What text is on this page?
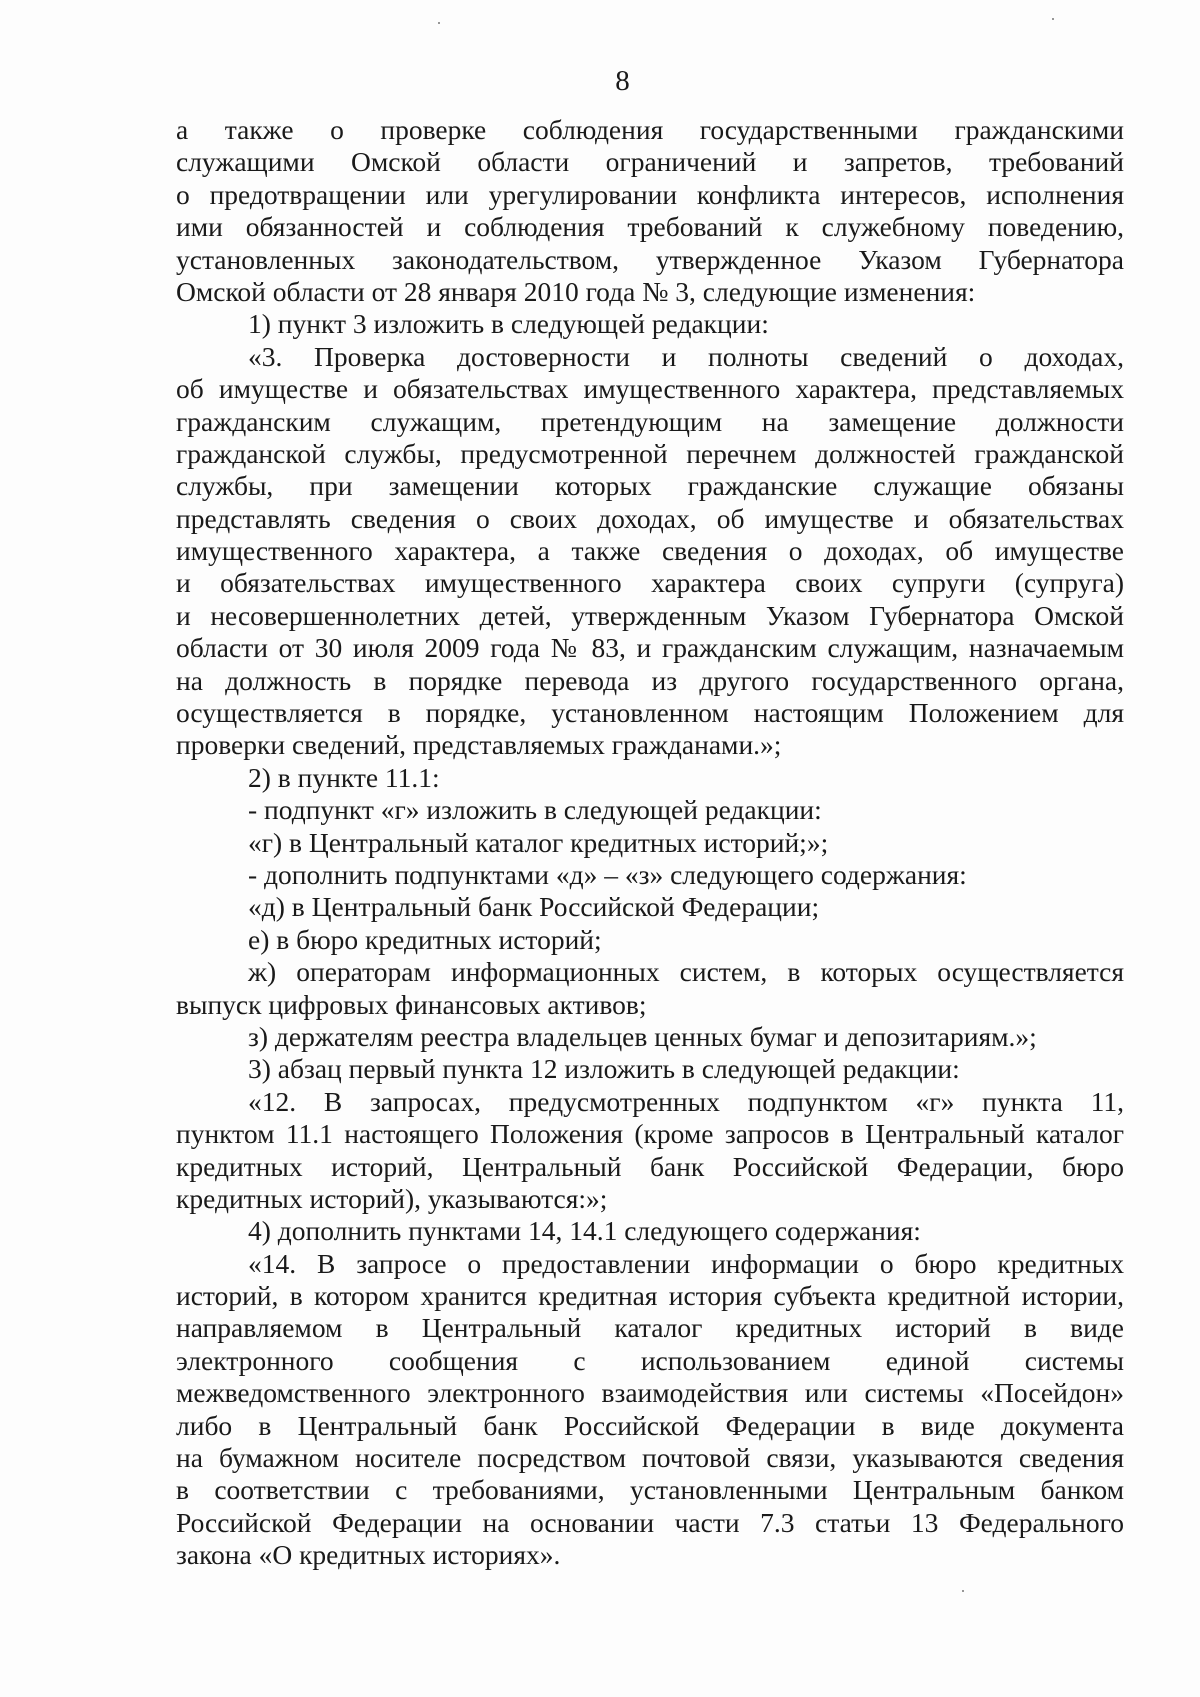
8
а также о проверке соблюдения государственными гражданскими
служащими Омской области ограничений и запретов, требований
о предотвращении или урегулировании конфликта интересов, исполнения
ими обязанностей и соблюдения требований к служебному поведению,
установленных законодательством, утвержденное Указом Губернатора
Омской области от 28 января 2010 года № 3, следующие изменения:
1) пункт 3 изложить в следующей редакции:
«3. Проверка достоверности и полноты сведений о доходах,
об имуществе и обязательствах имущественного характера, представляемых
гражданским служащим, претендующим на замещение должности
гражданской службы, предусмотренной перечнем должностей гражданской
службы, при замещении которых гражданские служащие обязаны
представлять сведения о своих доходах, об имуществе и обязательствах
имущественного характера, а также сведения о доходах, об имуществе
и обязательствах имущественного характера своих супруги (супруга)
и несовершеннолетних детей, утвержденным Указом Губернатора Омской
области от 30 июля 2009 года № 83, и гражданским служащим, назначаемым
на должность в порядке перевода из другого государственного органа,
осуществляется в порядке, установленном настоящим Положением для
проверки сведений, представляемых гражданами.»;
2) в пункте 11.1:
- подпункт «г» изложить в следующей редакции:
«г) в Центральный каталог кредитных историй;»;
- дополнить подпунктами «д» – «з» следующего содержания:
«д) в Центральный банк Российской Федерации;
е) в бюро кредитных историй;
ж) операторам информационных систем, в которых осуществляется
выпуск цифровых финансовых активов;
з) держателям реестра владельцев ценных бумаг и депозитариям.»;
3) абзац первый пункта 12 изложить в следующей редакции:
«12. В запросах, предусмотренных подпунктом «г» пункта 11,
пунктом 11.1 настоящего Положения (кроме запросов в Центральный каталог
кредитных историй, Центральный банк Российской Федерации, бюро
кредитных историй), указываются:»;
4) дополнить пунктами 14, 14.1 следующего содержания:
«14. В запросе о предоставлении информации о бюро кредитных
историй, в котором хранится кредитная история субъекта кредитной истории,
направляемом в Центральный каталог кредитных историй в виде
электронного сообщения с использованием единой системы
межведомственного электронного взаимодействия или системы «Посейдон»
либо в Центральный банк Российской Федерации в виде документа
на бумажном носителе посредством почтовой связи, указываются сведения
в соответствии с требованиями, установленными Центральным банком
Российской Федерации на основании части 7.3 статьи 13 Федерального
закона «О кредитных историях».
